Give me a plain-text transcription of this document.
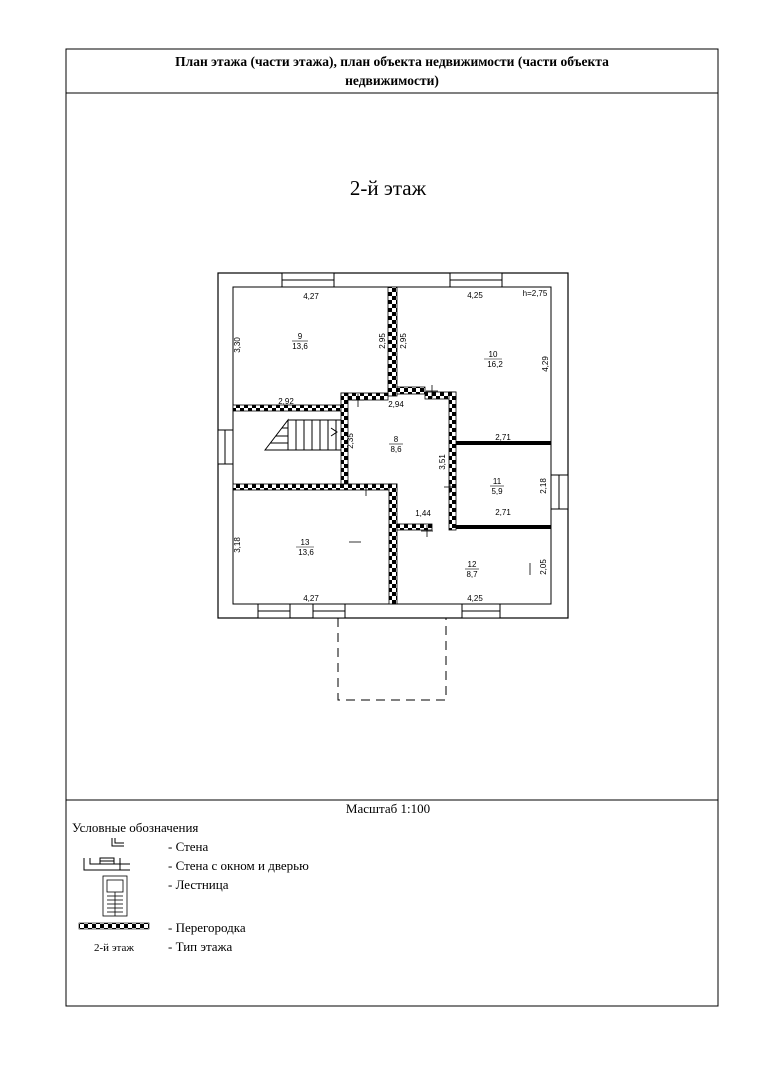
План этажа (части этажа), план объекта недвижимости (части объекта
недвижимости)
2-й этаж
9
13,6
10
16,2
8
8,6
11
5,9
13
13,6
12
8,7
4,27	4,25	h=2,75
3,30	2,95 2,95
4,29
2,92	2,94
2,35
3,51
2,71
2,18
2,71
1,44
3,18
2,05
4,27	4,25
Масштаб 1:100
Условные обозначения
- Стена
- Стена с окном и дверью
- Лестница
- Перегородка
2-й этаж	- Тип этажа
